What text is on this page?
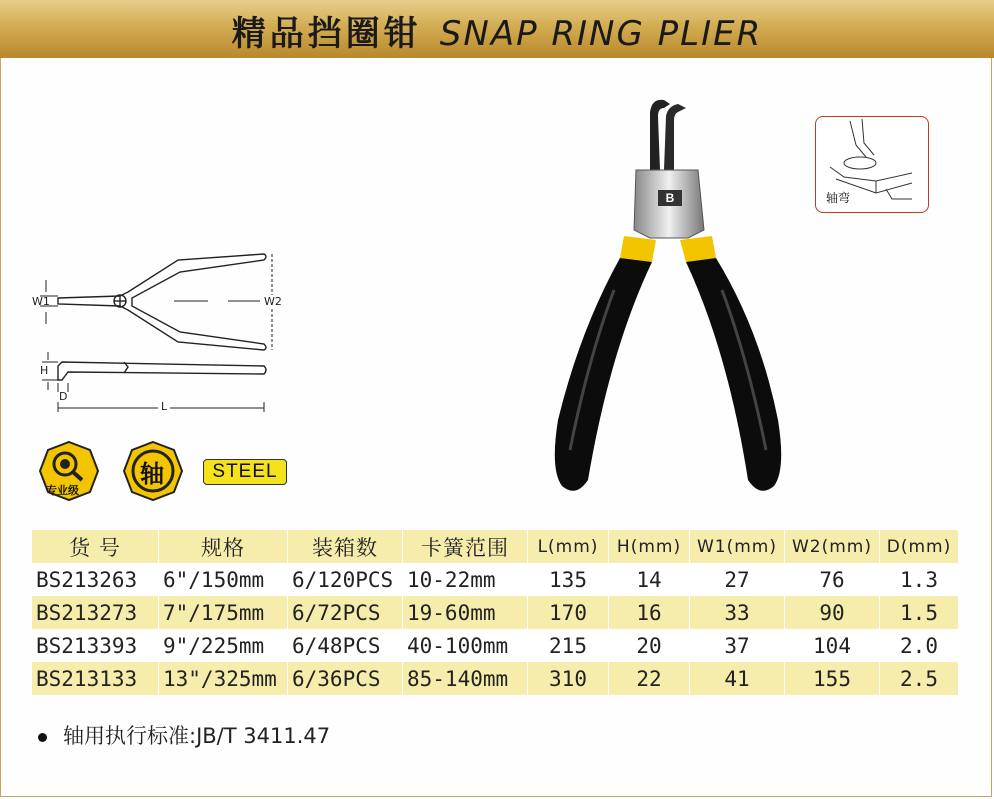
精品挡圈钳 SNAP RING PLIER
W1	W2
H
D
L
专业级
轴	STEEL
B	轴弯
货 号	规格	装箱数	卡簧范围	L(mm)	H(mm)	W1(mm)	W2(mm)	D(mm)
BS213263	6"/150mm	6/120PCS	10-22mm	135	14	27	76	1.3
BS213273	7"/175mm	6/72PCS	19-60mm	170	16	33	90	1.5
BS213393	9"/225mm	6/48PCS	40-100mm	215	20	37	104	2.0
BS213133	13"/325mm	6/36PCS	85-140mm	310	22	41	155	2.5
轴用执行标准:JB/T 3411.47
